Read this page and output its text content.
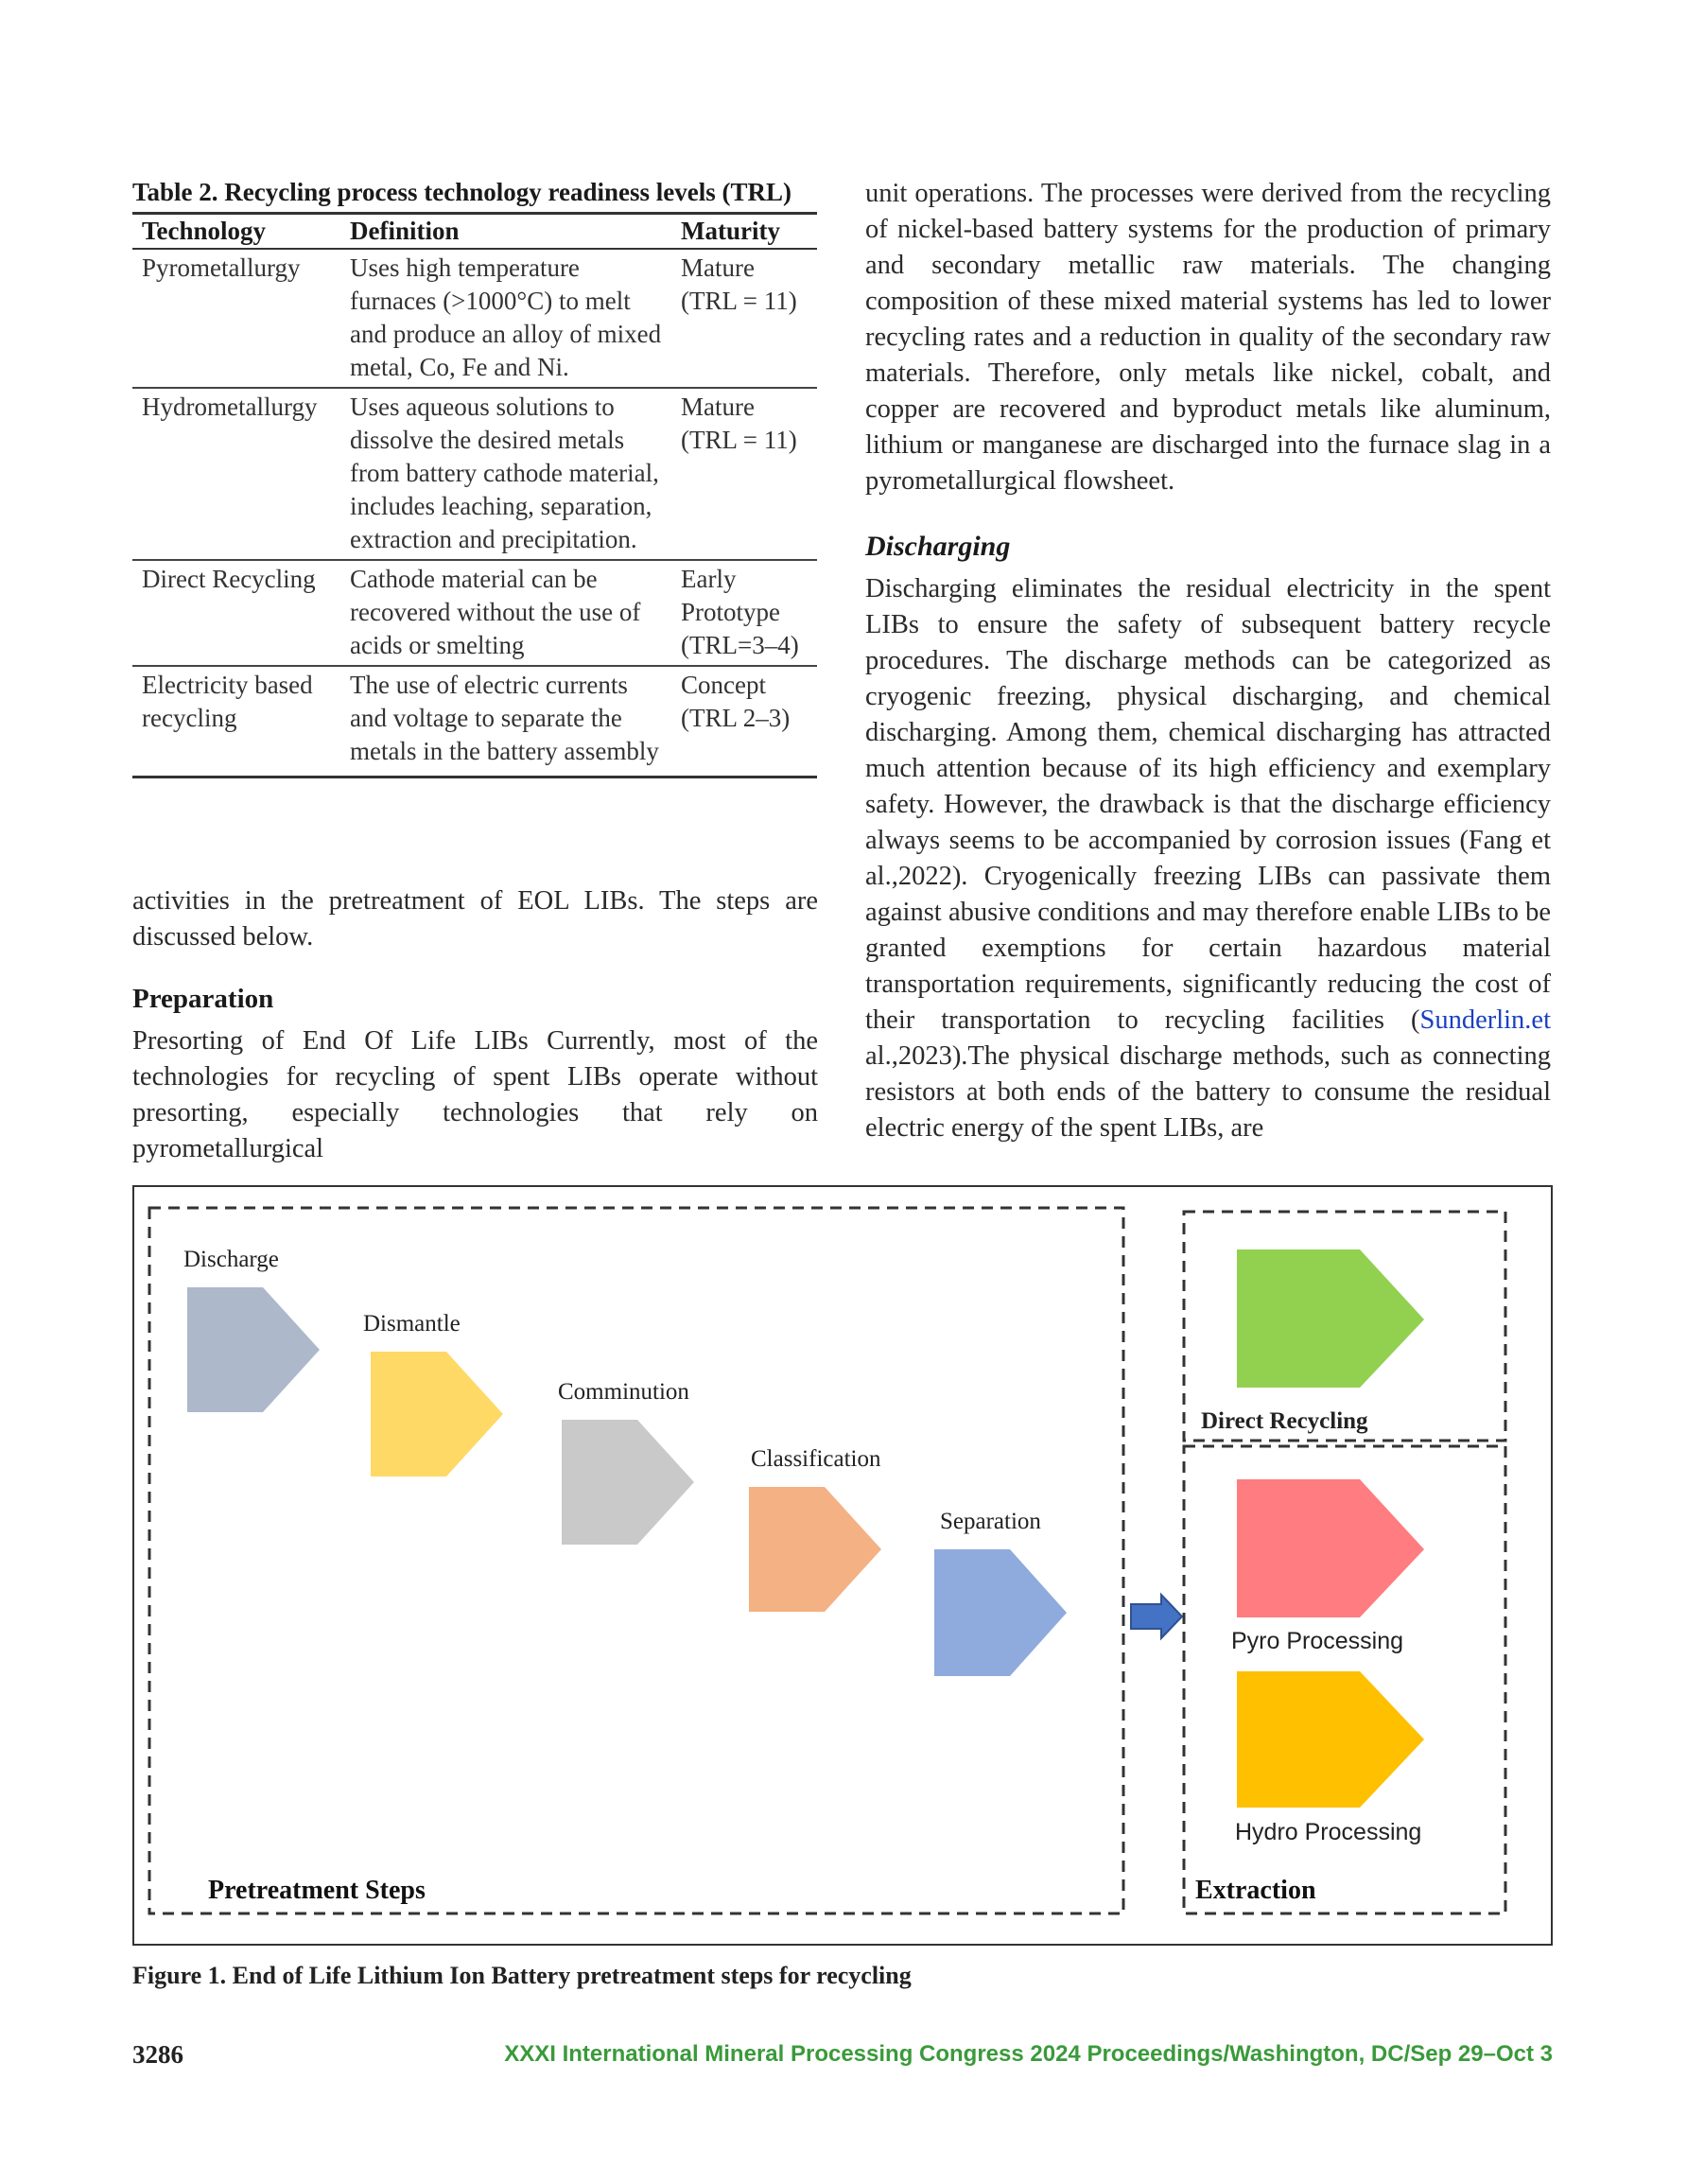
Table 2. Recycling process technology readiness levels (TRL)
Technology	Definition	Maturity
Pyrometallurgy	Uses high temperature furnaces (>1000°C) to melt and produce an alloy of mixed metal, Co, Fe and Ni.	Mature (TRL = 11)
Hydrometallurgy	Uses aqueous solutions to dissolve the desired metals from battery cathode material, includes leaching, separation, extraction and precipitation.	Mature (TRL = 11)
Direct Recycling	Cathode material can be recovered without the use of acids or smelting	Early Prototype (TRL=3–4)
Electricity based recycling	The use of electric currents and voltage to separate the metals in the battery assembly	Concept (TRL 2–3)

activities in the pretreatment of EOL LIBs. The steps are discussed below.

Preparation

Presorting of End Of Life LIBs Currently, most of the technologies for recycling of spent LIBs operate without presorting, especially technologies that rely on pyrometallurgical

unit operations. The processes were derived from the recycling of nickel-based battery systems for the production of primary and secondary metallic raw materials. The changing composition of these mixed material systems has led to lower recycling rates and a reduction in quality of the secondary raw materials. Therefore, only metals like nickel, cobalt, and copper are recovered and byproduct metals like aluminum, lithium or manganese are discharged into the furnace slag in a pyrometallurgical flowsheet.

Discharging

Discharging eliminates the residual electricity in the spent LIBs to ensure the safety of subsequent battery recycle procedures. The discharge methods can be categorized as cryogenic freezing, physical discharging, and chemical discharging. Among them, chemical discharging has attracted much attention because of its high efficiency and exemplary safety. However, the drawback is that the discharge efficiency always seems to be accompanied by corrosion issues (Fang et al.,2022). Cryogenically freezing LIBs can passivate them against abusive conditions and may therefore enable LIBs to be granted exemptions for certain hazardous material transportation requirements, significantly reducing the cost of their transportation to recycling facilities (Sunderlin.et al.,2023).The physical discharge methods, such as connecting resistors at both ends of the battery to consume the residual electric energy of the spent LIBs, are

Discharge
Dismantle
Comminution
Classification
Separation
Direct Recycling
Pyro Processing
Hydro Processing
Pretreatment Steps	Extraction
Figure 1. End of Life Lithium Ion Battery pretreatment steps for recycling
3286	XXXI International Mineral Processing Congress 2024 Proceedings/Washington, DC/Sep 29–Oct 3
